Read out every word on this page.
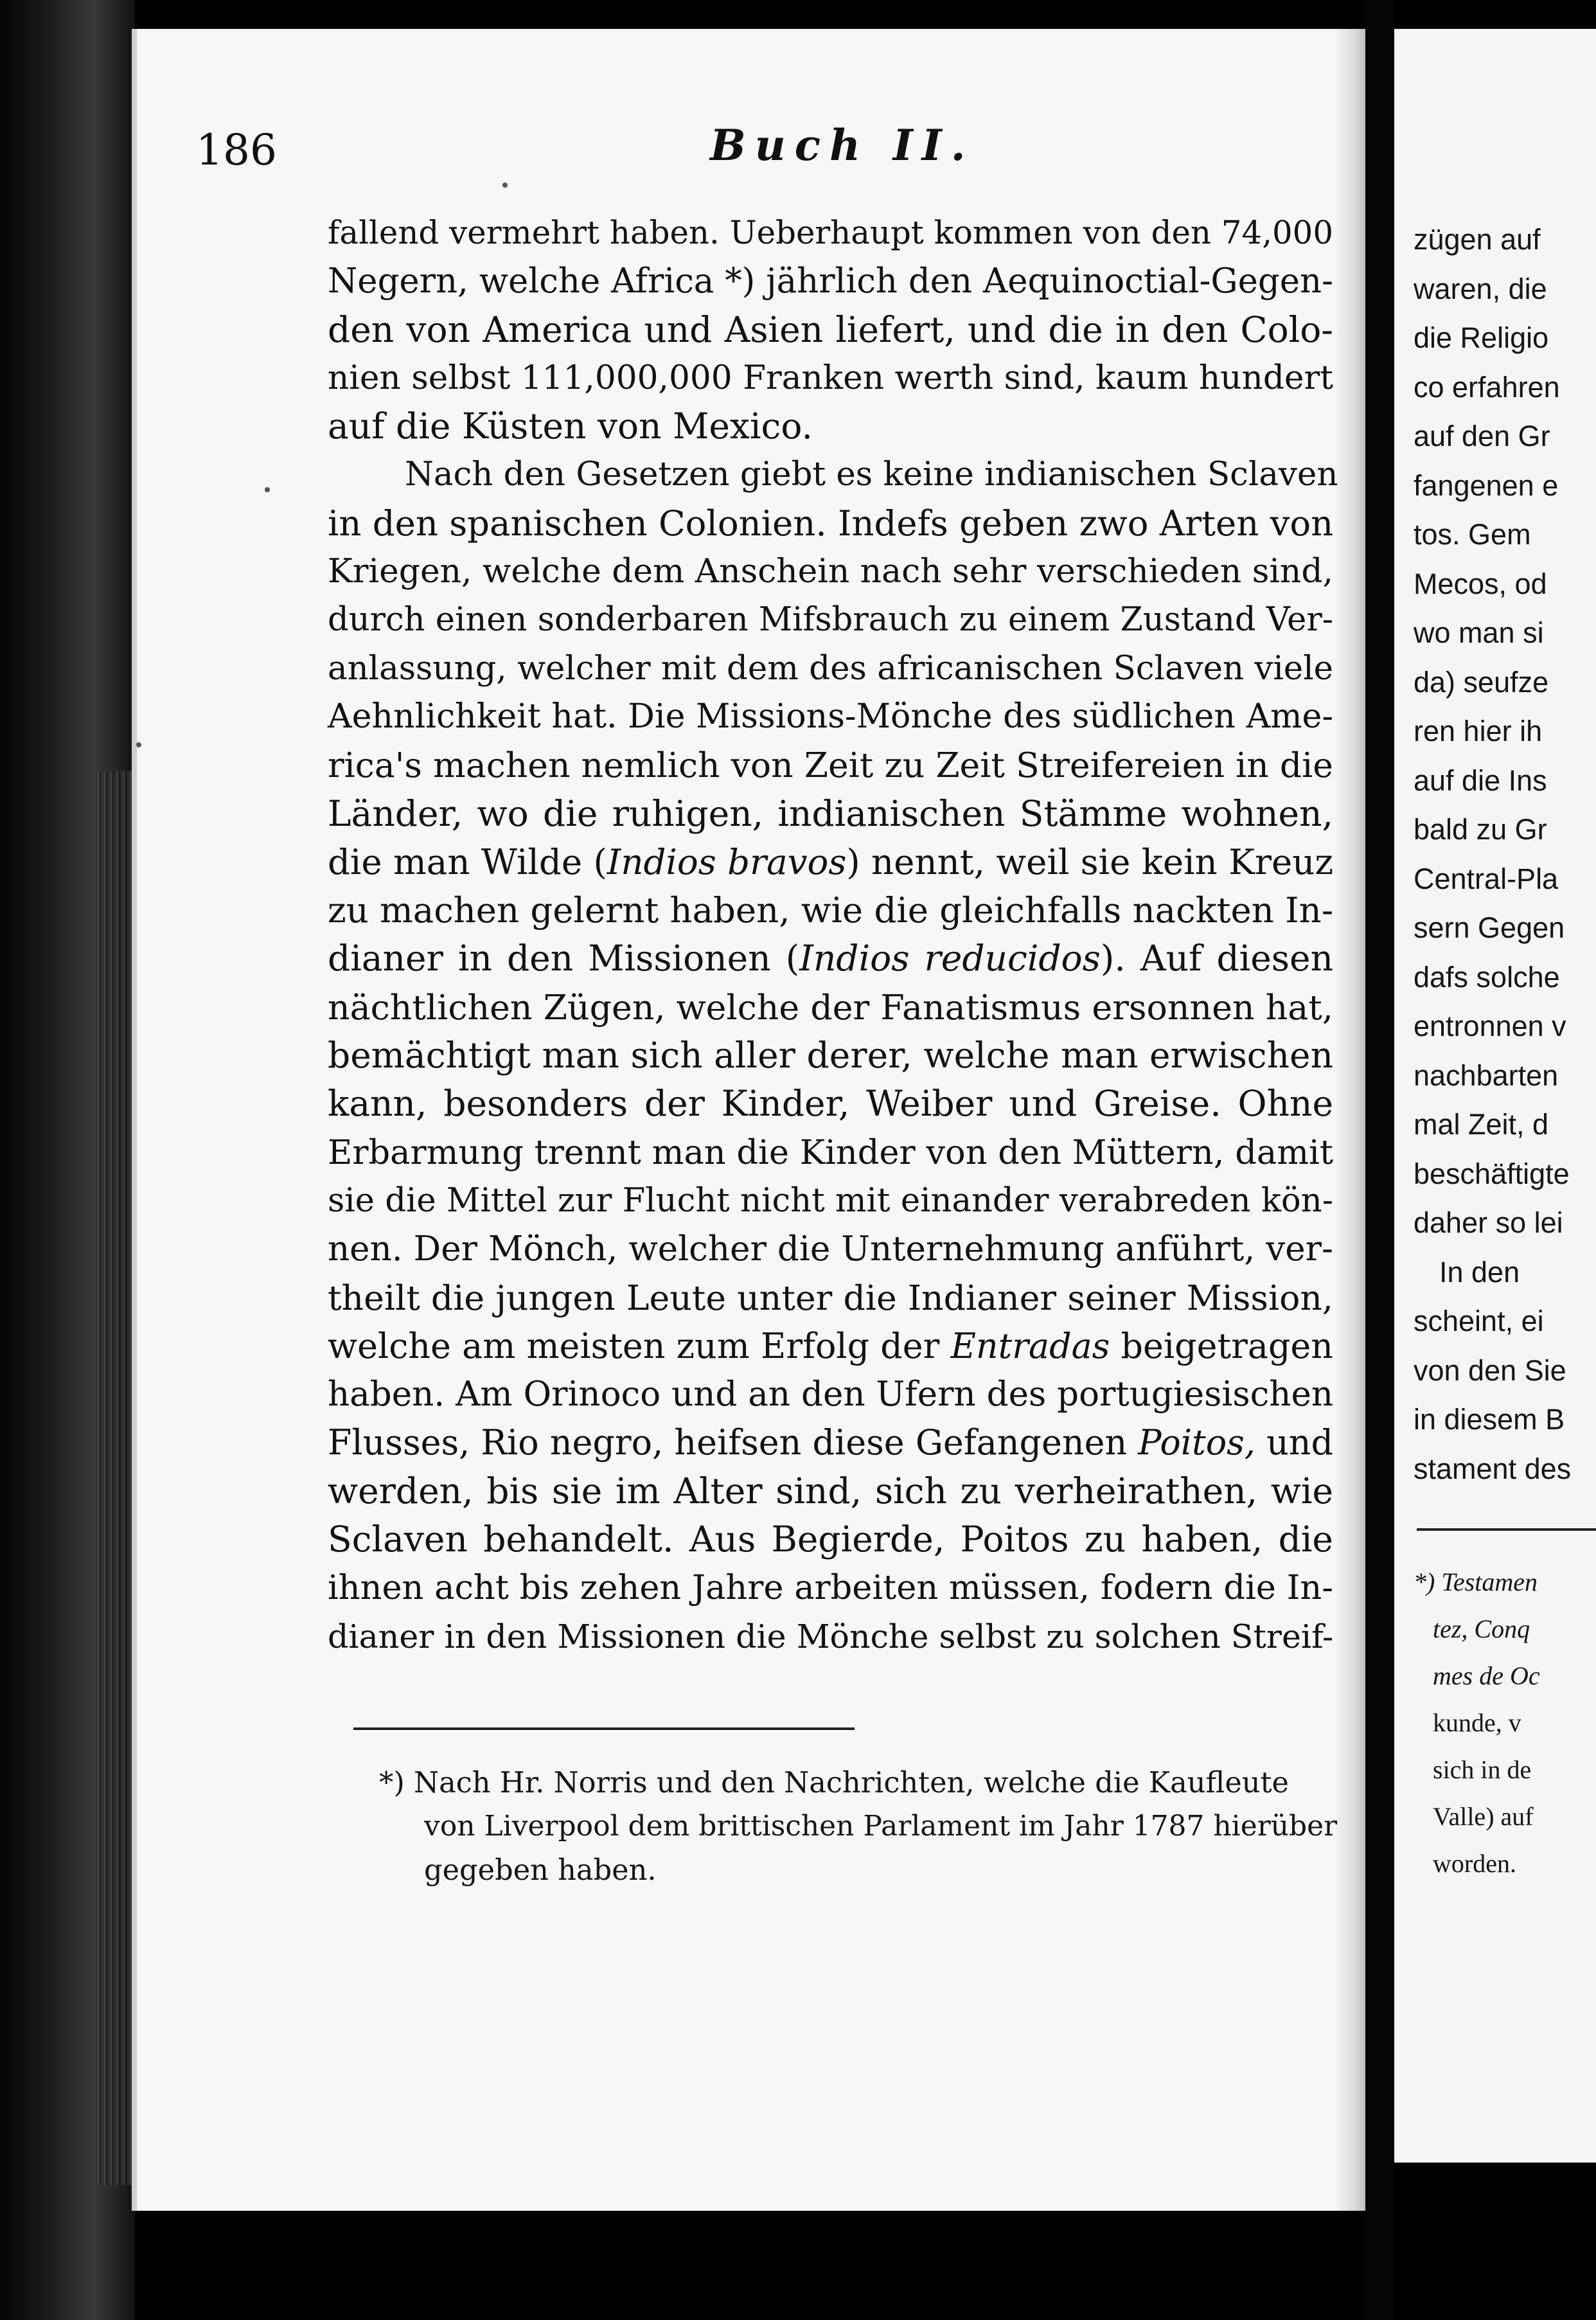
186	Buch II.
fallend vermehrt haben. Ueberhaupt kommen von den 74,000
Negern, welche Africa *) jährlich den Aequinoctial-Gegen-
den von America und Asien liefert, und die in den Colo-
nien selbst 111,000,000 Franken werth sind, kaum hundert
auf die Küsten von Mexico.
Nach den Gesetzen giebt es keine indianischen Sclaven
in den spanischen Colonien. Indefs geben zwo Arten von
Kriegen, welche dem Anschein nach sehr verschieden sind,
durch einen sonderbaren Mifsbrauch zu einem Zustand Ver-
anlassung, welcher mit dem des africanischen Sclaven viele
Aehnlichkeit hat. Die Missions-Mönche des südlichen Ame-
rica's machen nemlich von Zeit zu Zeit Streifereien in die
Länder, wo die ruhigen, indianischen Stämme wohnen,
die man Wilde (Indios bravos) nennt, weil sie kein Kreuz
zu machen gelernt haben, wie die gleichfalls nackten In-
dianer in den Missionen (Indios reducidos). Auf diesen
nächtlichen Zügen, welche der Fanatismus ersonnen hat,
bemächtigt man sich aller derer, welche man erwischen
kann, besonders der Kinder, Weiber und Greise. Ohne
Erbarmung trennt man die Kinder von den Müttern, damit
sie die Mittel zur Flucht nicht mit einander verabreden kön-
nen. Der Mönch, welcher die Unternehmung anführt, ver-
theilt die jungen Leute unter die Indianer seiner Mission,
welche am meisten zum Erfolg der Entradas beigetragen
haben. Am Orinoco und an den Ufern des portugiesischen
Flusses, Rio negro, heifsen diese Gefangenen Poitos, und
werden, bis sie im Alter sind, sich zu verheirathen, wie
Sclaven behandelt. Aus Begierde, Poitos zu haben, die
ihnen acht bis zehen Jahre arbeiten müssen, fodern die In-
dianer in den Missionen die Mönche selbst zu solchen Streif-
*) Nach Hr. Norris und den Nachrichten, welche die Kaufleute
von Liverpool dem brittischen Parlament im Jahr 1787 hierüber
gegeben haben.
zügen auf
waren, die
die Religio
co erfahren
auf den Gr
fangenen e
tos. Gem
Mecos, od
wo man si
da) seufze
ren hier ih
auf die Ins
bald zu Gr
Central-Pla
sern Gegen
dafs solche
entronnen v
nachbarten
mal Zeit, d
beschäftigte
daher so lei
In den
scheint, ei
von den Sie
in diesem B
stament des
*) Testamen
tez, Conq
mes de Oc
kunde, v
sich in de
Valle) auf
worden.
